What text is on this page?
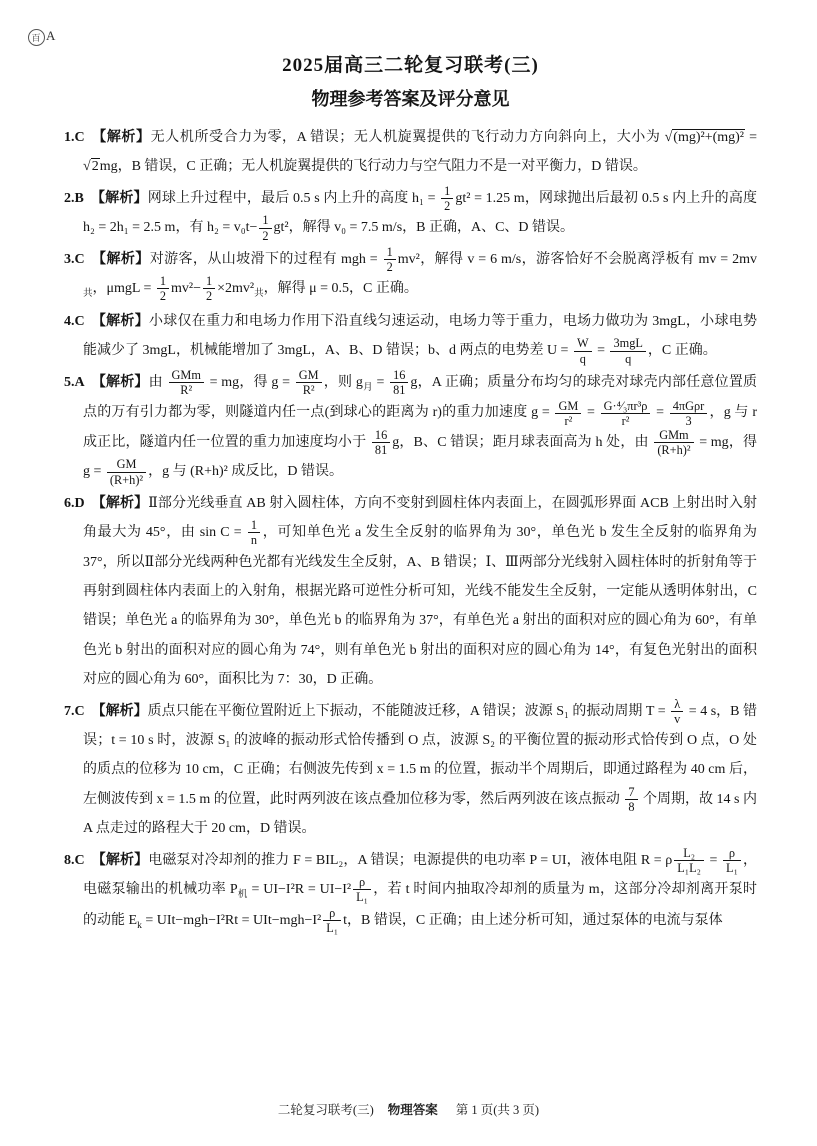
百 A
2025届高三二轮复习联考(三)
物理参考答案及评分意见

1.C 【解析】无人机所受合力为零，A 错误；无人机旋翼提供的飞行动力方向斜向上，大小为 √(mg)²+(mg)² = √2mg，B 错误，C 正确；无人机旋翼提供的飞行动力与空气阻力不是一对平衡力，D 错误。

2.B 【解析】网球上升过程中，最后 0.5 s 内上升的高度 $h_1 = \frac{1}{2} gt^2 = 1.25$ m，网球抛出后最初 0.5 s 内上升的高度 h₂ = 2h₁ = 2.5 m，有 $h_2 = v_0t- \frac{1}{2} gt^2$，解得 v₀ = 7.5 m/s，B 正确，A、C、D 错误。

3.C 【解析】对游客，从山坡滑下的过程有 mgh = $\frac{1}{2} mv^2$，解得 v = 6 m/s，游客恰好不会脱离浮板有 mv = $2mv_共$，$\mu mgL = \frac{1}{2} mv^2- \frac{1}{2} \times 2mv^2_共$，解得 μ = 0.5，C 正确。

4.C 【解析】小球仅在重力和电场力作用下沿直线匀速运动，电场力等于重力，电场力做功为 3mgL，小球电势能减少了 3mgL，机械能增加了 3mgL，A、B、D 错误；b、d 两点的电势差 $U = \frac{W}{q} = \frac{\text{3mgL}}{q}$ ，C 正确。

5.A 【解析】由 $\frac{\text{GMm}}{\text{R²}}$ = mg，得 $g = \frac{GM}{\text{R²}}$ ，则 $g_月 = \frac{16}{81}$ g，A 正确；质量分布均匀的球壳对球壳内部任意位置质点的万有引力都为零，则隧道内任一点(到球心的距离为 r)的重力加速度 $g = \frac{GM}{\text{r²}} = \frac{\text{G·⁴⁄₃πr³ρ}}{\text{r²}} = \frac{\text{4πGρr}}{3}$ ，g 与 r 成正比，隧道内任一位置的重力加速度均小于 $\frac{16}{81}$ g，B、C 错误；距月球表面高为 h 处，由 $\frac{\text{GMm}}{\text{(R+h)²}}$ = mg，得 $g = \frac{GM}{\text{(R+h)²}}$ ，g 与 (R+h)² 成反比，D 错误。

6.D 【解析】Ⅱ部分光线垂直 AB 射入圆柱体，方向不变射到圆柱体内表面上，在圆弧形界面 ACB 上射出时入射角最大为 45°，由 $\sin C = \frac{1}{n}$ ，可知单色光 a 发生全反射的临界角为 30°，单色光 b 发生全反射的临界角为 37°，所以Ⅱ部分光线两种色光都有光线发生全反射，A、B 错误；Ⅰ、Ⅲ两部分光线射入圆柱体时的折射角等于再射到圆柱体内表面上的入射角，根据光路可逆性分析可知，光线不能发生全反射，一定能从透明体射出，C 错误；单色光 a 的临界角为 30°，单色光 b 的临界角为 37°，有单色光 a 射出的面积对应的圆心角为 60°，有单色光 b 射出的面积对应的圆心角为 74°，则有单色光 b 射出的面积对应的圆心角为 14°，有复色光射出的面积对应的圆心角为 60°，面积比为 7：30，D 正确。

7.C 【解析】质点只能在平衡位置附近上下振动，不能随波迁移，A 错误；波源 S₁ 的振动周期 $T = \frac{\lambda}{v} = 4$ s，B 错误；t = 10 s 时，波源 S₁ 的波峰的振动形式恰传播到 O 点，波源 S₂ 的平衡位置的振动形式恰传到 O 点，O 处的质点的位移为 10 cm，C 正确；右侧波先传到 x = 1.5 m 的位置，振动半个周期后，即通过路程为 40 cm 后，左侧波传到 x = 1.5 m 的位置，此时两列波在该点叠加位移为零，然后两列波在该点振动 $\frac{7}{8}$ 个周期，故 14 s 内 A 点走过的路程大于 20 cm，D 错误。

8.C 【解析】电磁泵对冷却剂的推力 F = BIL₂，A 错误；电源提供的电功率 P = UI，液体电阻 R = ρ $\frac{\text{L₂}}{\text{L₁L₂}} = \frac{\rho}{\text{L₁}}$ ，电磁泵输出的机械功率 $P_机 = UI-I^2R = UI-I^2 \frac{\rho}{\text{L₁}}$ ，若 t 时间内抽取冷却剂的质量为 m，这部分冷却剂离开泵时的动能 $E_k = UIt-mgh-I^2Rt = UIt-mgh-I^2 \frac{\rho}{\text{L₁}}$ t，B 错误，C 正确；由上述分析可知，通过泵体的电流与泵体

二轮复习联考(三) 物理答案 第 1 页(共 3 页)
